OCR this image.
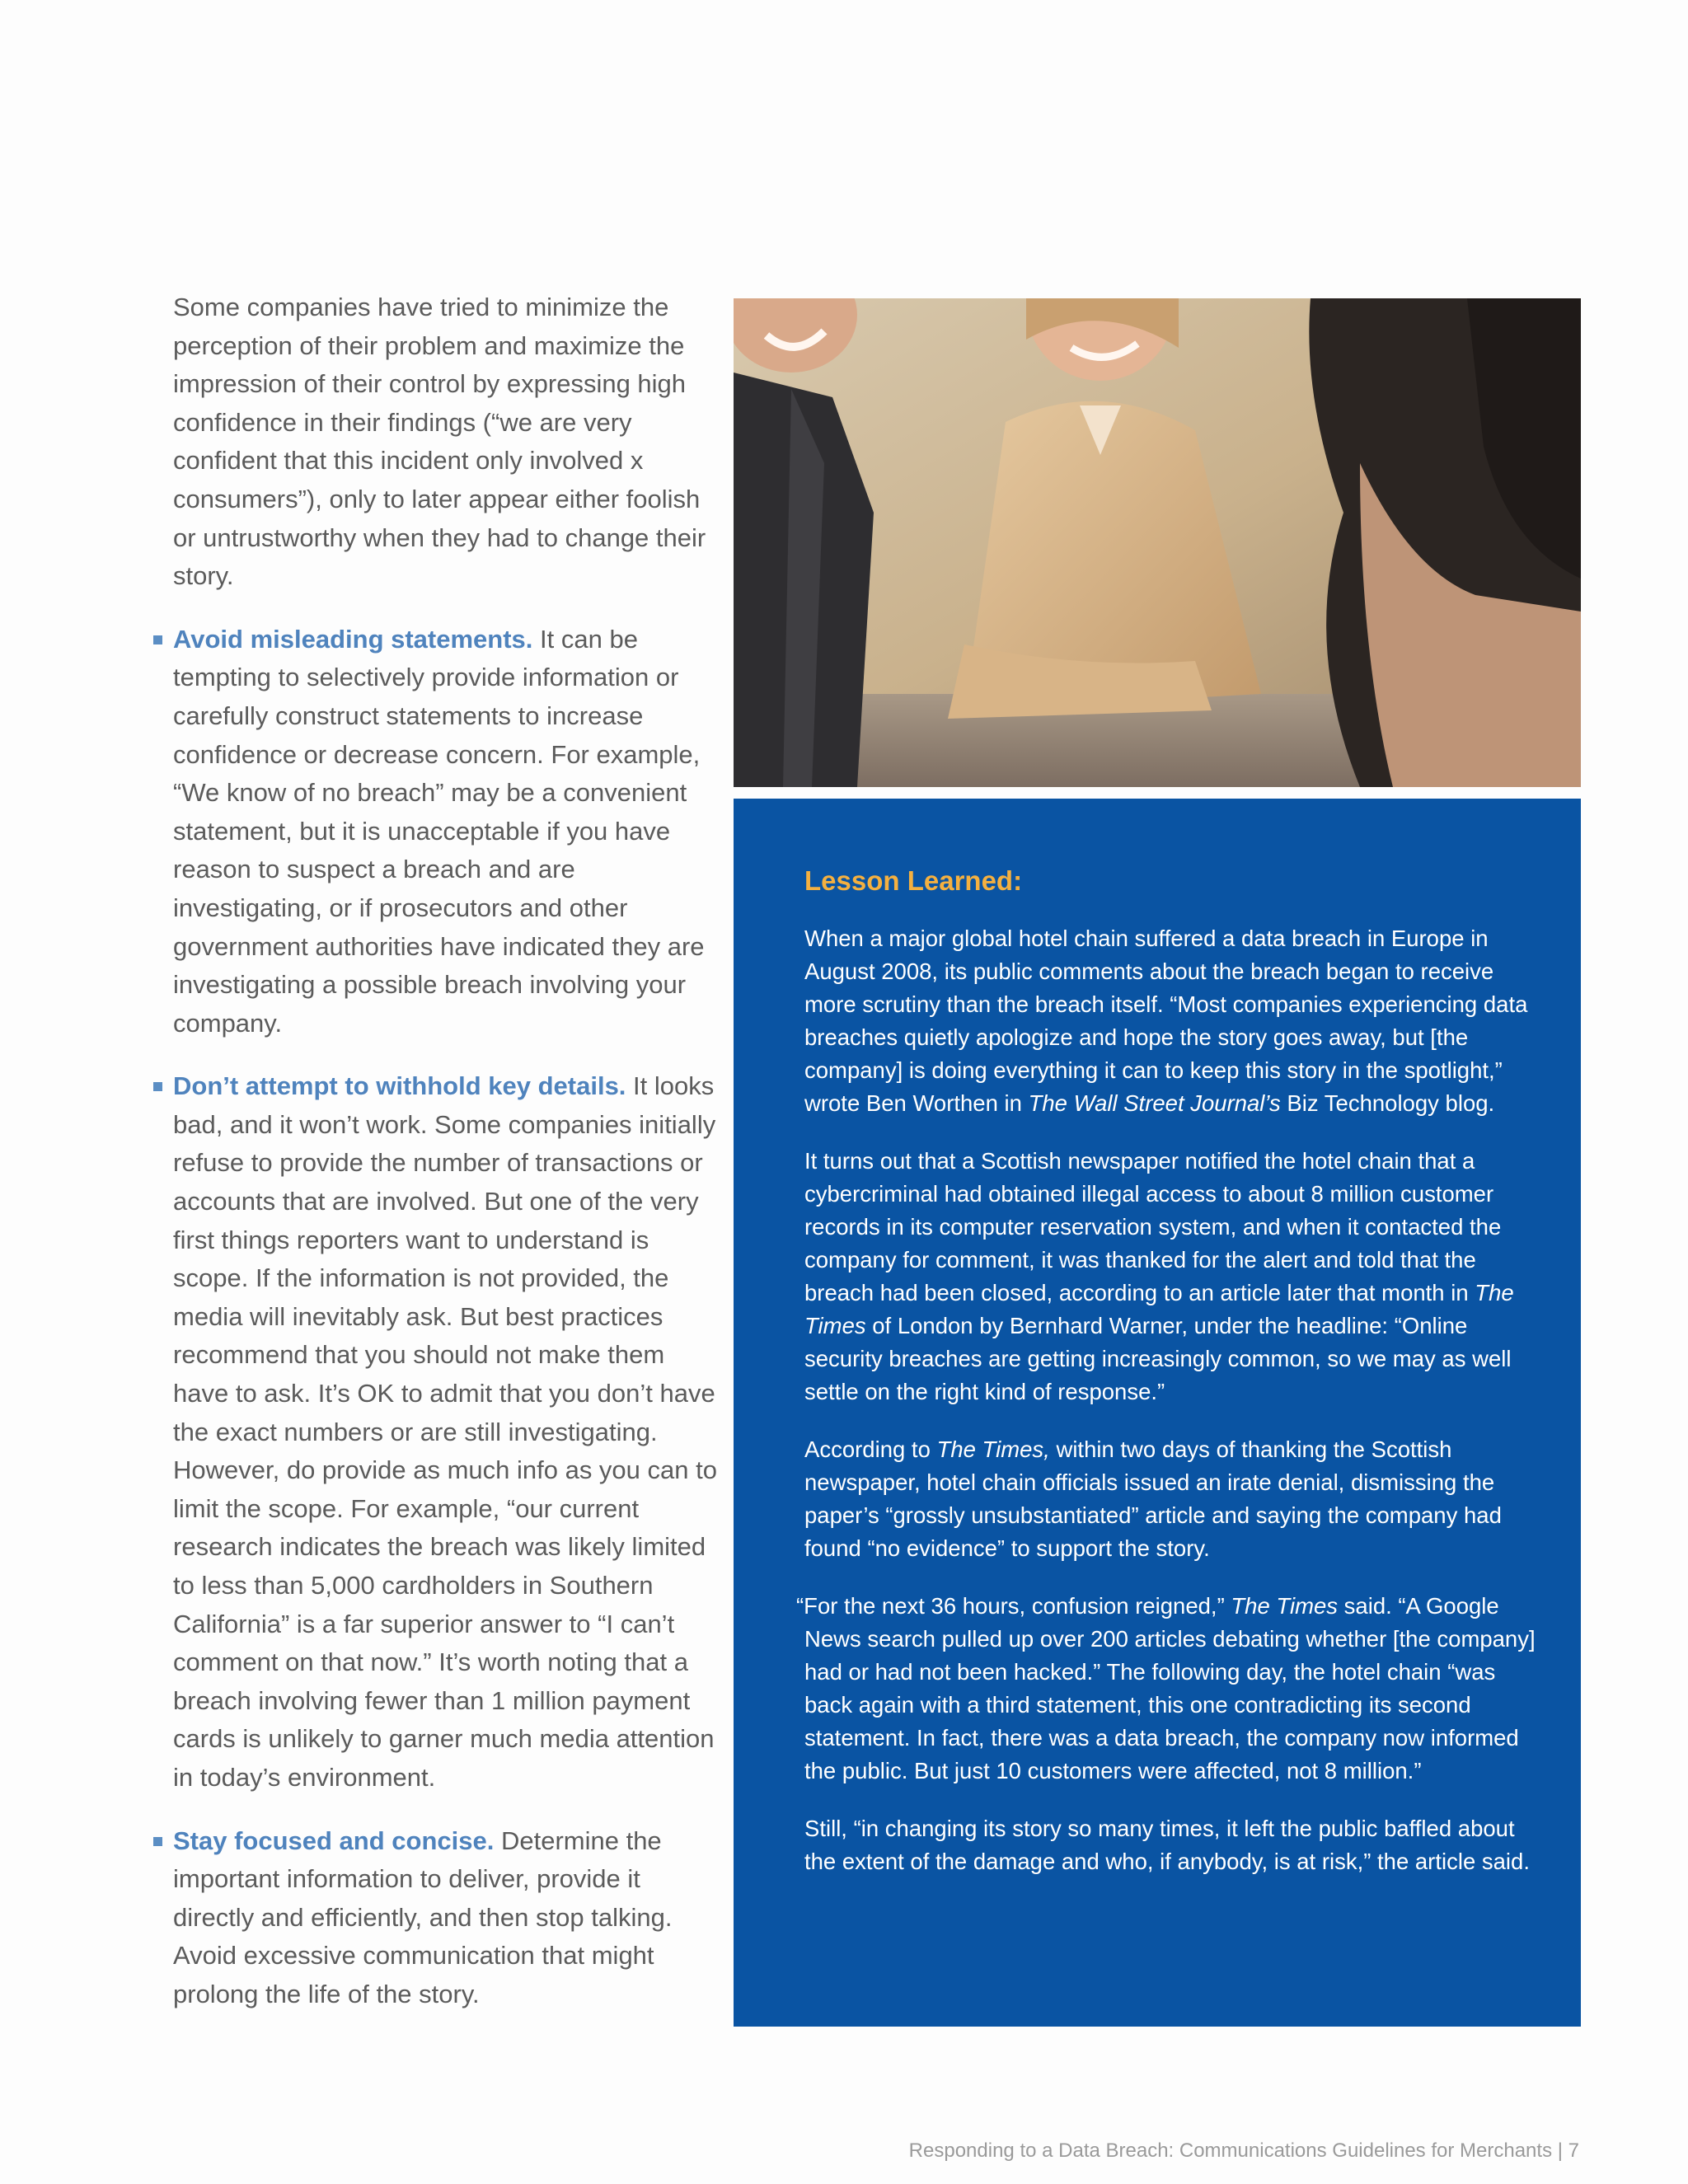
Some companies have tried to minimize the perception of their problem and maximize the impression of their control by expressing high confidence in their findings (“we are very confident that this incident only involved x consumers”), only to later appear either foolish or untrustworthy when they had to change their story.

Avoid misleading statements. It can be tempting to selectively provide information or carefully construct statements to increase confidence or decrease concern. For example, “We know of no breach” may be a convenient statement, but it is unacceptable if you have reason to suspect a breach and are investigating, or if prosecutors and other government authorities have indicated they are investigating a possible breach involving your company.

Don’t attempt to withhold key details. It looks bad, and it won’t work. Some companies initially refuse to provide the number of transactions or accounts that are involved. But one of the very first things reporters want to understand is scope. If the information is not provided, the media will inevitably ask. But best practices recommend that you should not make them have to ask. It’s OK to admit that you don’t have the exact numbers or are still investigating. However, do provide as much info as you can to limit the scope. For example, “our current research indicates the breach was likely limited to less than 5,000 cardholders in Southern California” is a far superior answer to “I can’t comment on that now.” It’s worth noting that a breach involving fewer than 1 million payment cards is unlikely to garner much media attention in today’s environment.

Stay focused and concise. Determine the important information to deliver, provide it directly and efficiently, and then stop talking. Avoid excessive communication that might prolong the life of the story.

Lesson Learned:

When a major global hotel chain suffered a data breach in Europe in August 2008, its public comments about the breach began to receive more scrutiny than the breach itself. “Most companies experiencing data breaches quietly apologize and hope the story goes away, but [the company] is doing everything it can to keep this story in the spotlight,” wrote Ben Worthen in The Wall Street Journal’s Biz Technology blog.

It turns out that a Scottish newspaper notified the hotel chain that a cybercriminal had obtained illegal access to about 8 million customer records in its computer reservation system, and when it contacted the company for comment, it was thanked for the alert and told that the breach had been closed, according to an article later that month in The Times of London by Bernhard Warner, under the headline: “Online security breaches are getting increasingly common, so we may as well settle on the right kind of response.”

According to The Times, within two days of thanking the Scottish newspaper, hotel chain officials issued an irate denial, dismissing the paper’s “grossly unsubstantiated” article and saying the company had found “no evidence” to support the story.

“For the next 36 hours, confusion reigned,” The Times said. “A Google News search pulled up over 200 articles debating whether [the company] had or had not been hacked.” The following day, the hotel chain “was back again with a third statement, this one contradicting its second statement. In fact, there was a data breach, the company now informed the public. But just 10 customers were affected, not 8 million.”

Still, “in changing its story so many times, it left the public baffled about the extent of the damage and who, if anybody, is at risk,” the article said.

Responding to a Data Breach: Communications Guidelines for Merchants | 7
